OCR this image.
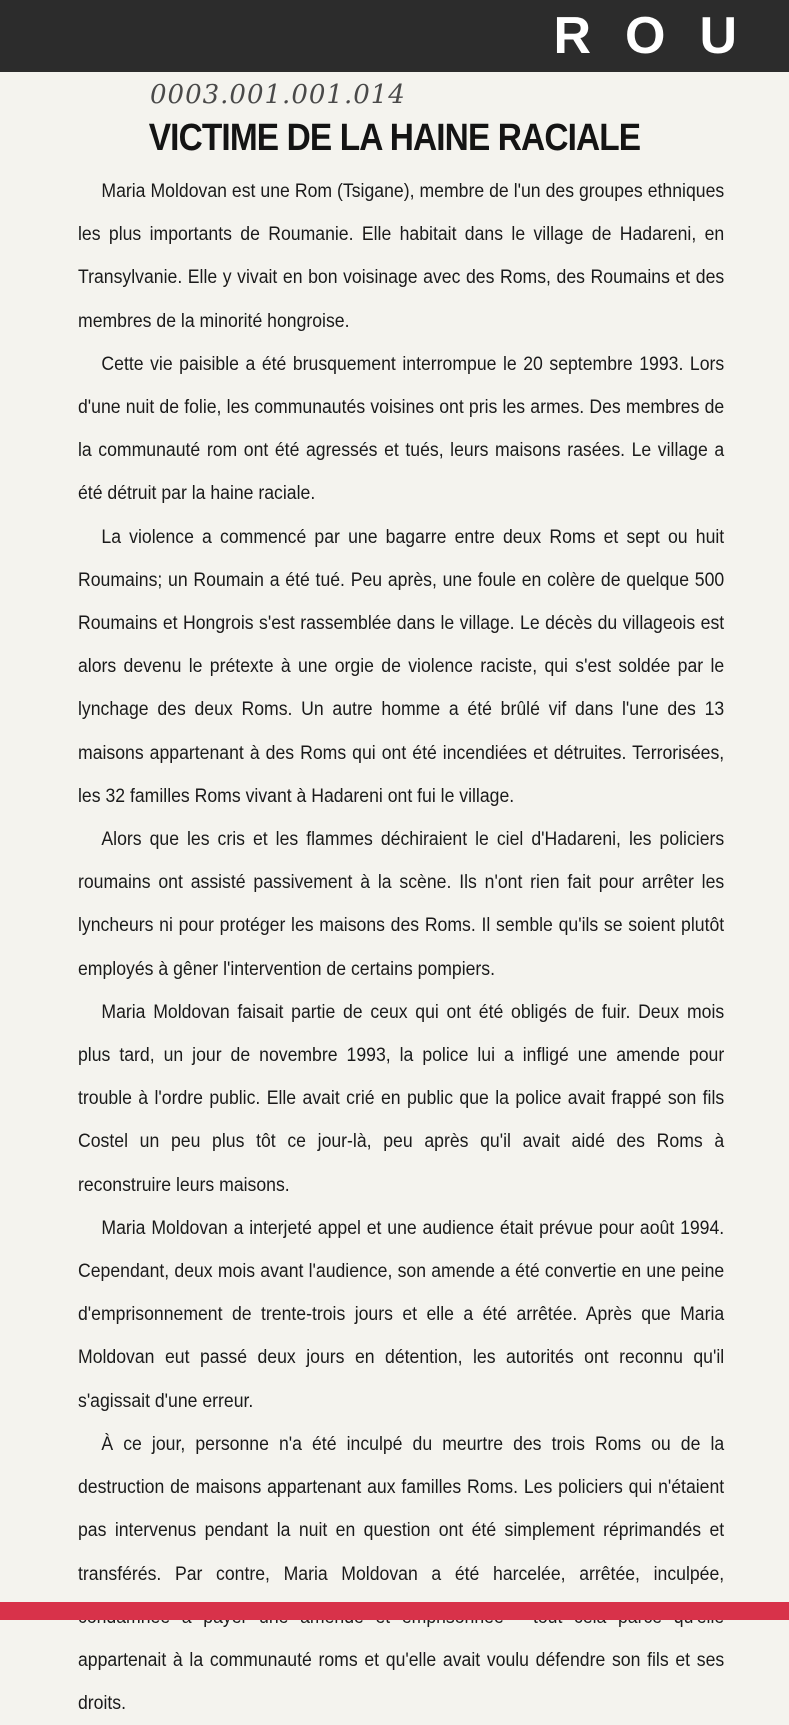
ROU
0003.001.001.014
VICTIME DE LA HAINE RACIALE

Maria Moldovan est une Rom (Tsigane), membre de l'un des groupes ethniques les plus importants de Roumanie. Elle habitait dans le village de Hadareni, en Transylvanie. Elle y vivait en bon voisinage avec des Roms, des Roumains et des membres de la minorité hongroise.

Cette vie paisible a été brusquement interrompue le 20 septembre 1993. Lors d'une nuit de folie, les communautés voisines ont pris les armes. Des membres de la communauté rom ont été agressés et tués, leurs maisons rasées. Le village a été détruit par la haine raciale.

La violence a commencé par une bagarre entre deux Roms et sept ou huit Roumains; un Roumain a été tué. Peu après, une foule en colère de quelque 500 Roumains et Hongrois s'est rassemblée dans le village. Le décès du villageois est alors devenu le prétexte à une orgie de violence raciste, qui s'est soldée par le lynchage des deux Roms. Un autre homme a été brûlé vif dans l'une des 13 maisons appartenant à des Roms qui ont été incendiées et détruites. Terrorisées, les 32 familles Roms vivant à Hadareni ont fui le village.

Alors que les cris et les flammes déchiraient le ciel d'Hadareni, les policiers roumains ont assisté passivement à la scène. Ils n'ont rien fait pour arrêter les lyncheurs ni pour protéger les maisons des Roms. Il semble qu'ils se soient plutôt employés à gêner l'intervention de certains pompiers.

Maria Moldovan faisait partie de ceux qui ont été obligés de fuir. Deux mois plus tard, un jour de novembre 1993, la police lui a infligé une amende pour trouble à l'ordre public. Elle avait crié en public que la police avait frappé son fils Costel un peu plus tôt ce jour-là, peu après qu'il avait aidé des Roms à reconstruire leurs maisons.

Maria Moldovan a interjeté appel et une audience était prévue pour août 1994. Cependant, deux mois avant l'audience, son amende a été convertie en une peine d'emprisonnement de trente-trois jours et elle a été arrêtée. Après que Maria Moldovan eut passé deux jours en détention, les autorités ont reconnu qu'il s'agissait d'une erreur.

À ce jour, personne n'a été inculpé du meurtre des trois Roms ou de la destruction de maisons appartenant aux familles Roms. Les policiers qui n'étaient pas intervenus pendant la nuit en question ont été simplement réprimandés et transférés. Par contre, Maria Moldovan a été harcelée, arrêtée, inculpée, appartenait à la communauté roms et qu'elle avait voulu défendre son fils et ses droits.
